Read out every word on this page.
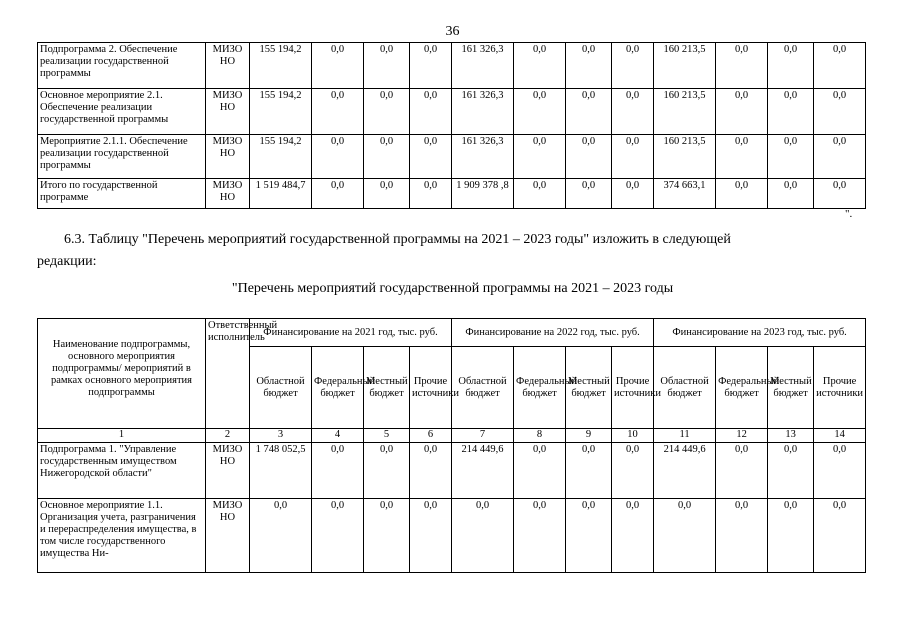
36
Подпрограмма 2. Обеспечение реализации государственной программы	МИЗО НО	155 194,2	0,0	0,0	0,0	161 326,3	0,0	0,0	0,0	160 213,5	0,0	0,0	0,0
Основное мероприятие 2.1. Обеспечение реализации государственной программы	МИЗО НО	155 194,2	0,0	0,0	0,0	161 326,3	0,0	0,0	0,0	160 213,5	0,0	0,0	0,0
Мероприятие 2.1.1. Обеспечение реализации государственной программы	МИЗО НО	155 194,2	0,0	0,0	0,0	161 326,3	0,0	0,0	0,0	160 213,5	0,0	0,0	0,0
Итого по государственной программе	МИЗО НО	1 519 484,7	0,0	0,0	0,0	1 909 378 ,8	0,0	0,0	0,0	374 663,1	0,0	0,0	0,0
".
6.3. Таблицу "Перечень мероприятий государственной программы на 2021 – 2023 годы" изложить в следующей
редакции:
"Перечень мероприятий государственной программы на 2021 – 2023 годы
Наименование подпрограммы, основного мероприятия подпрограммы/ мероприятий в рамках основного мероприятия подпрограммы	Ответственный исполнитель	Финансирование на 2021 год, тыс. руб.				Финансирование на 2022 год, тыс. руб.				Финансирование на 2023 год, тыс. руб.			
		Областной бюджет	Федеральный бюджет	Местный бюджет	Прочие источники	Областной бюджет	Федеральный бюджет	Местный бюджет	Прочие источники	Областной бюджет	Федеральный бюджет	Местный бюджет	Прочие источники
1	2	3	4	5	6	7	8	9	10	11	12	13	14
Подпрограмма 1. "Управление государственным имуществом Нижегородской области"	МИЗО НО	1 748 052,5	0,0	0,0	0,0	214 449,6	0,0	0,0	0,0	214 449,6	0,0	0,0	0,0
Основное мероприятие 1.1. Организация учета, разграничения и перераспределения имущества, в том числе государственного имущества Ни-	МИЗО НО	0,0	0,0	0,0	0,0	0,0	0,0	0,0	0,0	0,0	0,0	0,0	0,0
